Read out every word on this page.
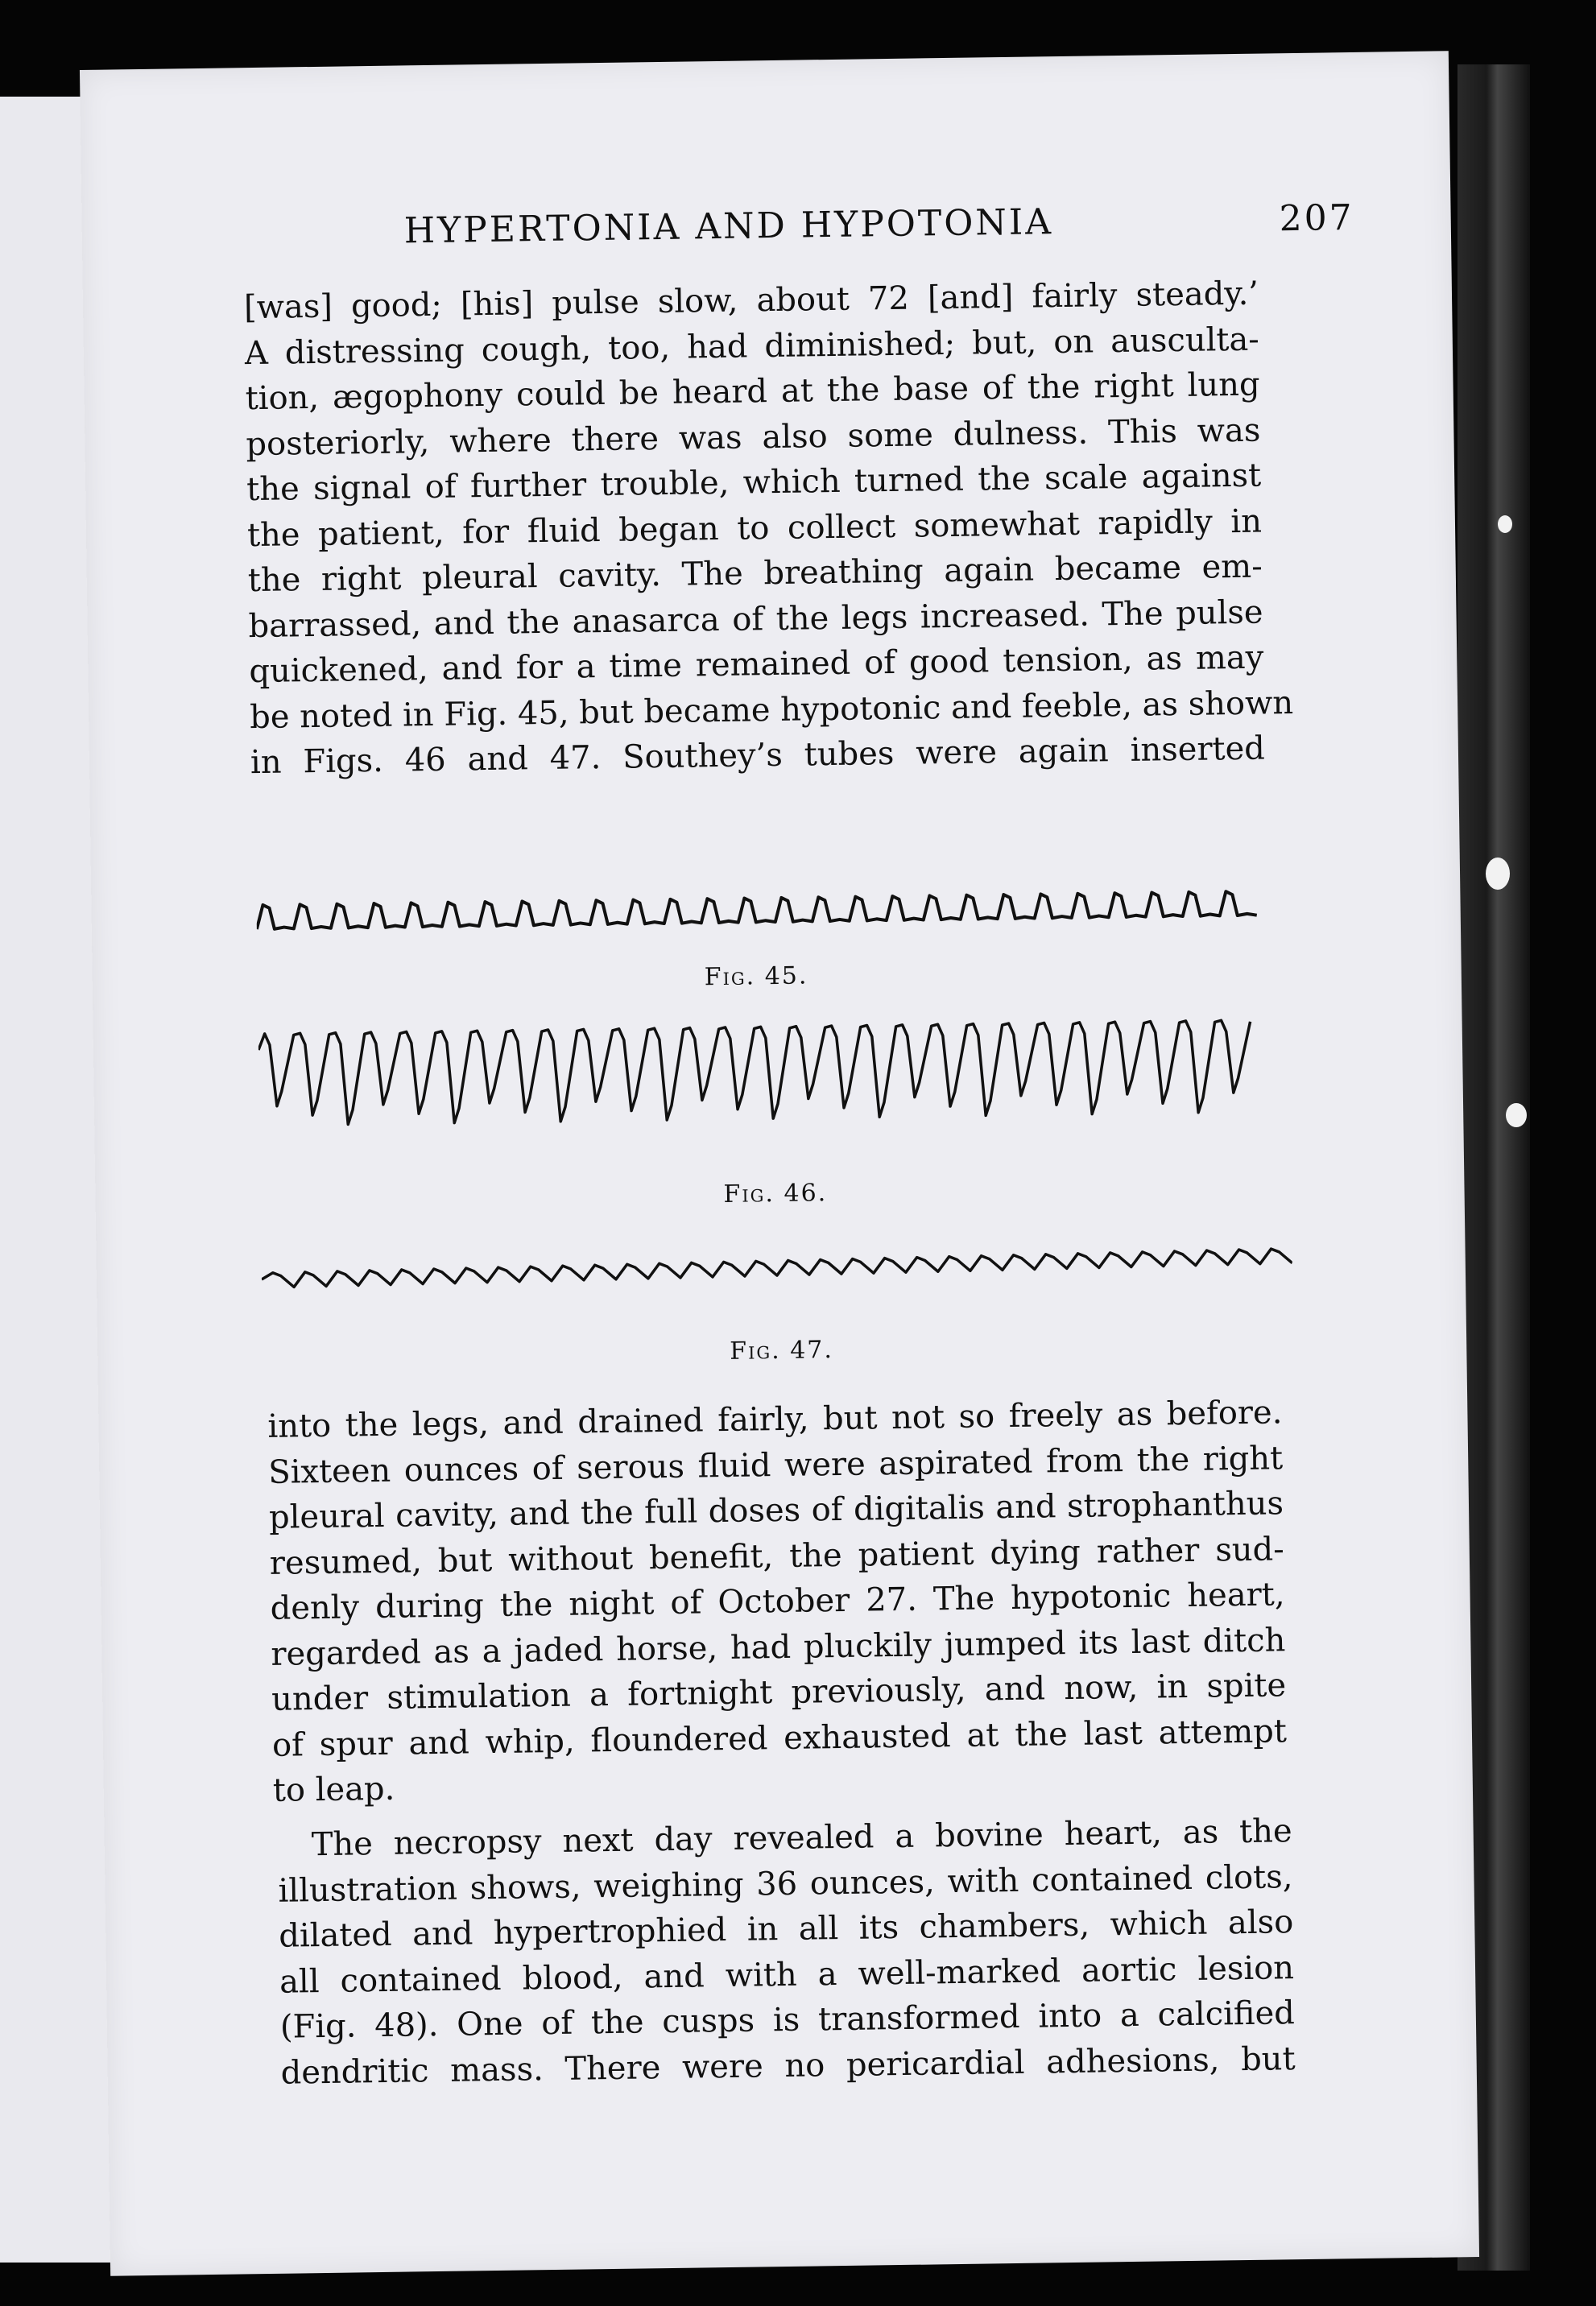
HYPERTONIA AND HYPOTONIA	207
[was] good; [his] pulse slow, about 72 [and] fairly steady.’
A distressing cough, too, had diminished; but, on ausculta-
tion, ægophony could be heard at the base of the right lung
posteriorly, where there was also some dulness. This was
the signal of further trouble, which turned the scale against
the patient, for fluid began to collect somewhat rapidly in
the right pleural cavity. The breathing again became em-
barrassed, and the anasarca of the legs increased. The pulse
quickened, and for a time remained of good tension, as may
be noted in Fig. 45, but became hypotonic and feeble, as shown
in Figs. 46 and 47. Southey’s tubes were again inserted
Fig. 45.
Fig. 46.
Fig. 47.
into the legs, and drained fairly, but not so freely as before.
Sixteen ounces of serous fluid were aspirated from the right
pleural cavity, and the full doses of digitalis and strophanthus
resumed, but without benefit, the patient dying rather sud-
denly during the night of October 27. The hypotonic heart,
regarded as a jaded horse, had pluckily jumped its last ditch
under stimulation a fortnight previously, and now, in spite
of spur and whip, floundered exhausted at the last attempt
to leap.
The necropsy next day revealed a bovine heart, as the
illustration shows, weighing 36 ounces, with contained clots,
dilated and hypertrophied in all its chambers, which also
all contained blood, and with a well-marked aortic lesion
(Fig. 48). One of the cusps is transformed into a calcified
dendritic mass. There were no pericardial adhesions, but
